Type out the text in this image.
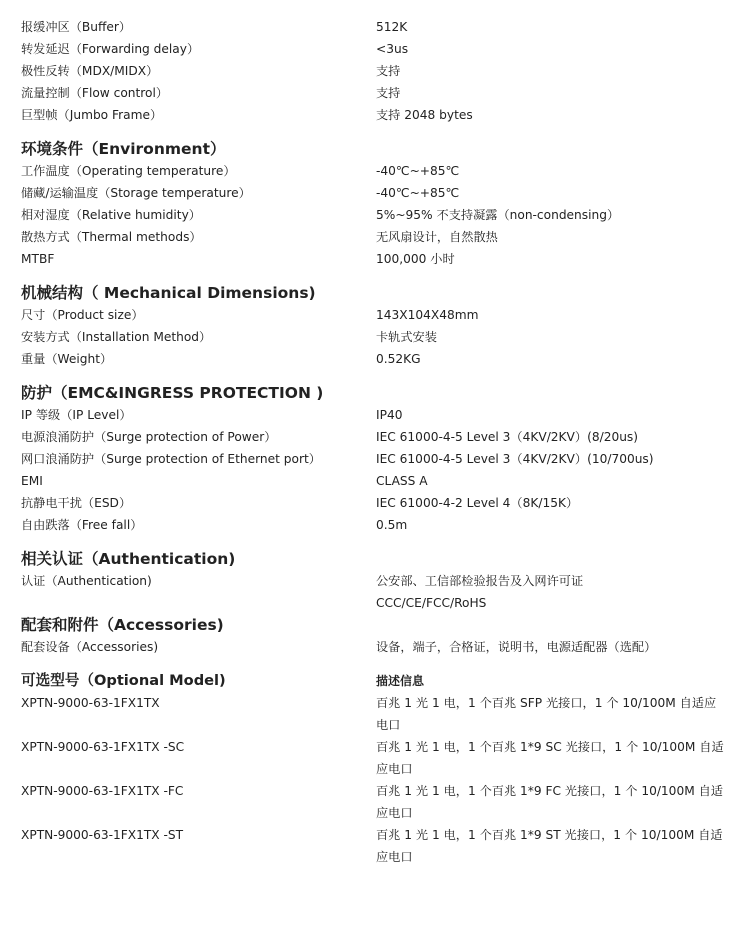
报缓冲区（Buffer）	512K
转发延迟（Forwarding delay）	<3us
极性反转（MDX/MIDX）	支持
流量控制（Flow control）	支持
巨型帧（Jumbo Frame）	支持 2048 bytes
环境条件（Environment）
工作温度（Operating temperature）	-40℃~+85℃
储藏/运输温度（Storage temperature）	-40℃~+85℃
相对湿度（Relative humidity）	5%~95% 不支持凝露（non-condensing）
散热方式（Thermal methods）	无风扇设计，自然散热
MTBF	100,000 小时
机械结构（ Mechanical Dimensions)
尺寸（Product size）	143X104X48mm
安装方式（Installation Method）	卡轨式安装
重量（Weight）	0.52KG
防护（EMC&INGRESS PROTECTION )
IP 等级（IP Level）	IP40
电源浪涌防护（Surge protection of Power）	IEC 61000-4-5 Level 3（4KV/2KV）(8/20us)
网口浪涌防护（Surge protection of Ethernet port）	IEC 61000-4-5 Level 3（4KV/2KV）(10/700us)
EMI	CLASS A
抗静电干扰（ESD）	IEC 61000-4-2 Level 4（8K/15K）
自由跌落（Free fall）	0.5m
相关认证（Authentication)
认证（Authentication)	公安部、工信部检验报告及入网许可证
CCC/CE/FCC/RoHS
配套和附件（Accessories)
配套设备（Accessories)	设备，端子，合格证，说明书，电源适配器（选配）
可选型号（Optional Model)	描述信息
XPTN-9000-63-1FX1TX	百兆 1 光 1 电，1 个百兆 SFP 光接口，1 个 10/100M 自适应电口
XPTN-9000-63-1FX1TX -SC	百兆 1 光 1 电，1 个百兆 1*9 SC 光接口，1 个 10/100M 自适应电口
XPTN-9000-63-1FX1TX -FC	百兆 1 光 1 电，1 个百兆 1*9 FC 光接口，1 个 10/100M 自适应电口
XPTN-9000-63-1FX1TX -ST	百兆 1 光 1 电，1 个百兆 1*9 ST 光接口，1 个 10/100M 自适应电口
